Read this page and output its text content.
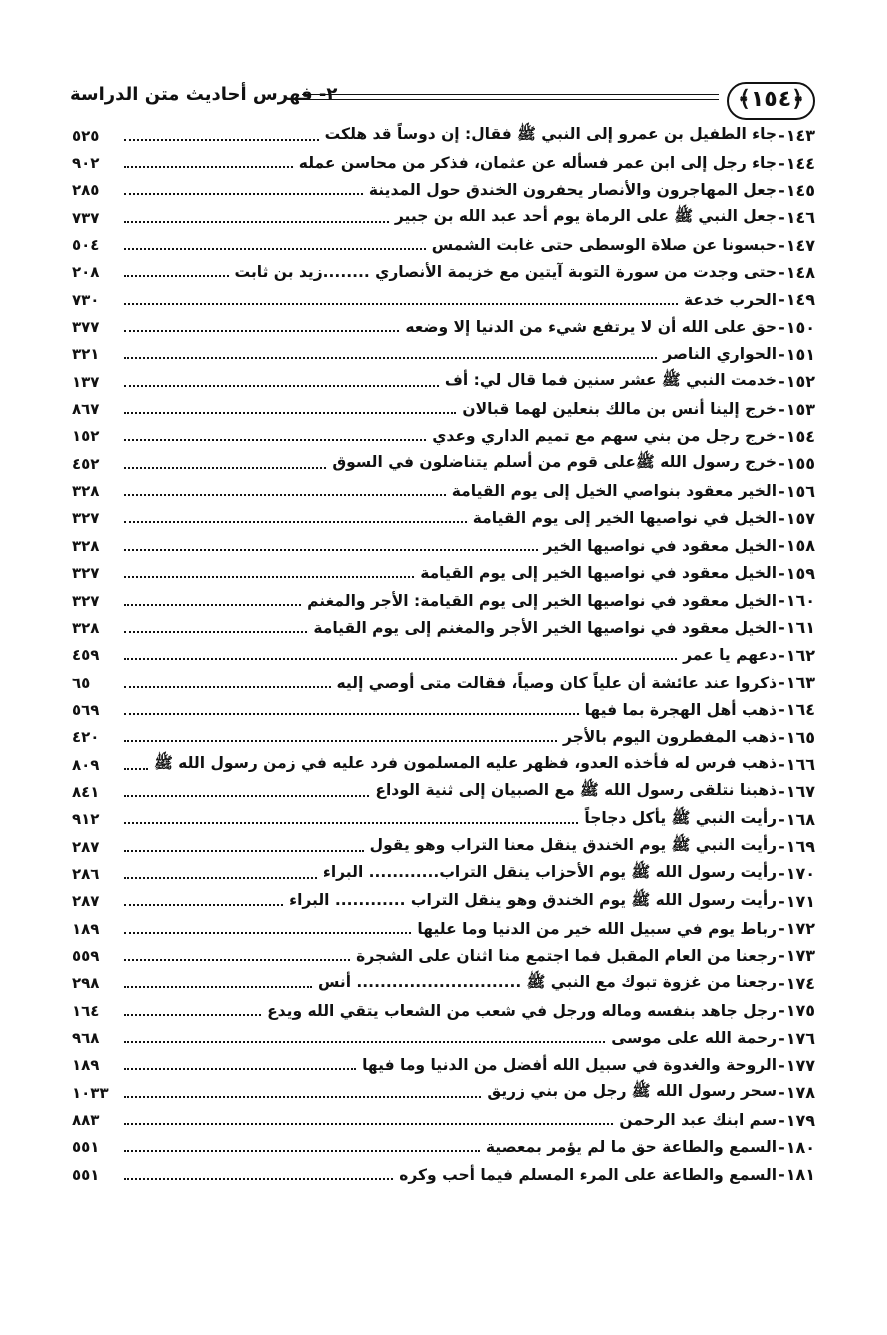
﴿١٥٤﴾
٢- فهرس أحاديث متن الدراسة
١٤٣
-
جاء الطفيل بن عمرو إلى النبي ﷺ فقال: إن دوساً قد هلكت
٥٢٥
١٤٤
-
جاء رجل إلى ابن عمر فسأله عن عثمان، فذكر من محاسن عمله
٩٠٢
١٤٥
-
جعل المهاجرون والأنصار يحفرون الخندق حول المدينة
٢٨٥
١٤٦
-
جعل النبي ﷺ على الرماة يوم أحد عبد الله بن جبير
٧٣٧
١٤٧
-
حبسونا عن صلاة الوسطى حتى غابت الشمس
٥٠٤
١٤٨
-
حتى وجدت من سورة التوبة آيتين مع خزيمة الأنصاري ........زيد بن ثابت
٢٠٨
١٤٩
-
الحرب خدعة
٧٣٠
١٥٠
-
حق على الله أن لا يرتفع شيء من الدنيا إلا وضعه
٣٧٧
١٥١
-
الحواري الناصر
٣٢١
١٥٢
-
خدمت النبي ﷺ عشر سنين فما قال لي: أف
١٣٧
١٥٣
-
خرج إلينا أنس بن مالك بنعلين لهما قبالان
٨٦٧
١٥٤
-
خرج رجل من بني سهم مع تميم الداري وعدي
١٥٢
١٥٥
-
خرج رسول الله ﷺعلى قوم من أسلم يتناضلون في السوق
٤٥٢
١٥٦
-
الخير معقود بنواصي الخيل إلى يوم القيامة
٣٢٨
١٥٧
-
الخيل في نواصيها الخير إلى يوم القيامة
٣٢٧
١٥٨
-
الخيل معقود في نواصيها الخير
٣٢٨
١٥٩
-
الخيل معقود في نواصيها الخير إلى يوم القيامة
٣٢٧
١٦٠
-
الخيل معقود في نواصيها الخير إلى يوم القيامة: الأجر والمغنم
٣٢٧
١٦١
-
الخيل معقود في نواصيها الخير الأجر والمغنم إلى يوم القيامة
٣٢٨
١٦٢
-
دعهم يا عمر
٤٥٩
١٦٣
-
ذكروا عند عائشة أن علياً كان وصياً، فقالت متى أوصي إليه
٦٥
١٦٤
-
ذهب أهل الهجرة بما فيها
٥٦٩
١٦٥
-
ذهب المفطرون اليوم بالأجر
٤٢٠
١٦٦
-
ذهب فرس له فأخذه العدو، فظهر عليه المسلمون فرد عليه في زمن رسول الله ﷺ
٨٠٩
١٦٧
-
ذهبنا نتلقى رسول الله ﷺ مع الصبيان إلى ثنية الوداع
٨٤١
١٦٨
-
رأيت النبي ﷺ يأكل دجاجاً
٩١٢
١٦٩
-
رأيت النبي ﷺ يوم الخندق ينقل معنا التراب وهو يقول
٢٨٧
١٧٠
-
رأيت رسول الله ﷺ يوم الأحزاب ينقل التراب............ البراء
٢٨٦
١٧١
-
رأيت رسول الله ﷺ يوم الخندق وهو ينقل التراب ............ البراء
٢٨٧
١٧٢
-
رباط يوم في سبيل الله خير من الدنيا وما عليها
١٨٩
١٧٣
-
رجعنا من العام المقبل فما اجتمع منا اثنان على الشجرة
٥٥٩
١٧٤
-
رجعنا من غزوة تبوك مع النبي ﷺ ............................ أنس
٢٩٨
١٧٥
-
رجل جاهد بنفسه وماله ورجل في شعب من الشعاب يتقي الله ويدع
١٦٤
١٧٦
-
رحمة الله على موسى
٩٦٨
١٧٧
-
الروحة والغدوة في سبيل الله أفضل من الدنيا وما فيها
١٨٩
١٧٨
-
سحر رسول الله ﷺ رجل من بني زريق
١٠٣٣
١٧٩
-
سم ابنك عبد الرحمن
٨٨٣
١٨٠
-
السمع والطاعة حق ما لم يؤمر بمعصية
٥٥١
١٨١
-
السمع والطاعة على المرء المسلم فيما أحب وكره
٥٥١
